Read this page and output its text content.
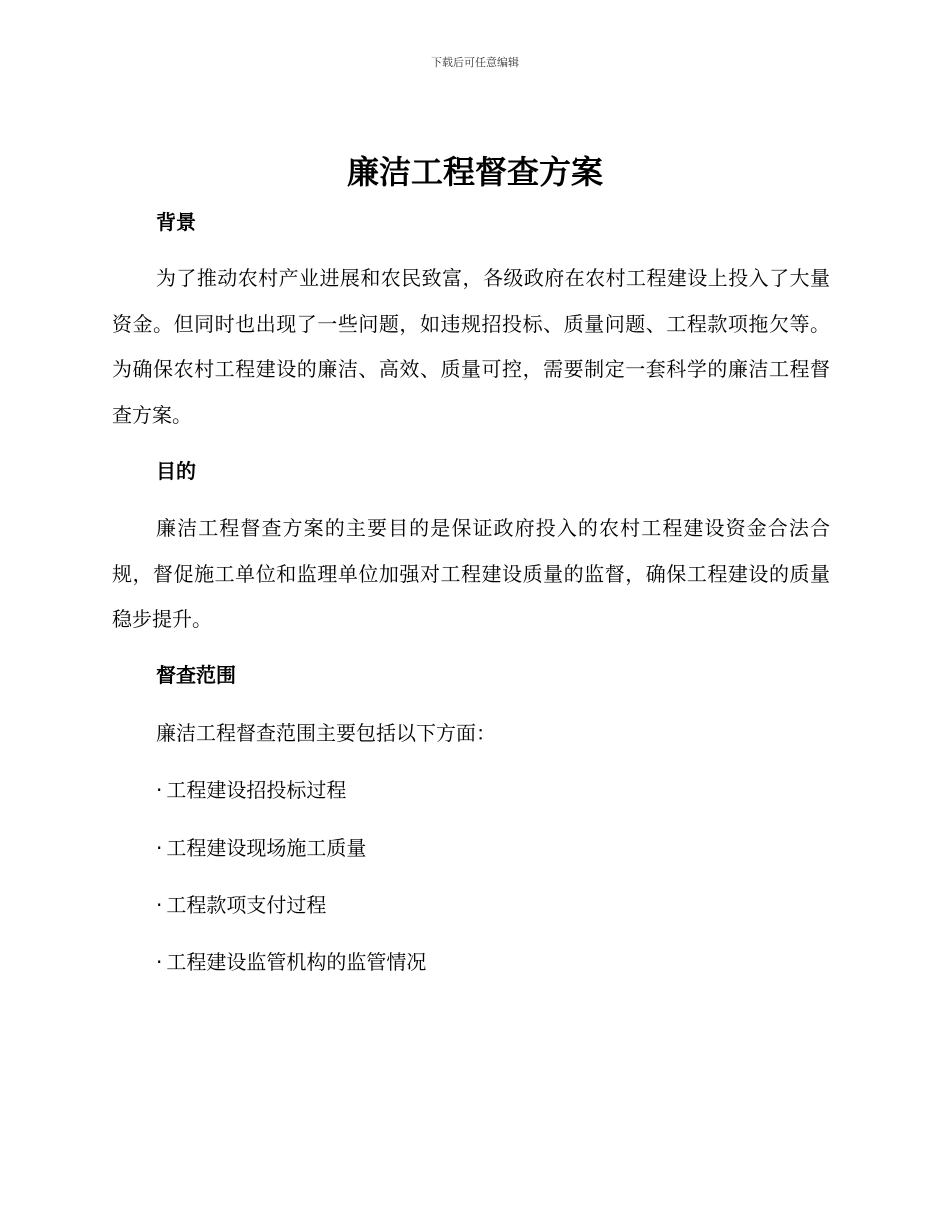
下载后可任意编辑
廉洁工程督查方案
背景

为了推动农村产业进展和农民致富，各级政府在农村工程建设上投入了大量资金。但同时也出现了一些问题，如违规招投标、质量问题、工程款项拖欠等。为确保农村工程建设的廉洁、高效、质量可控，需要制定一套科学的廉洁工程督查方案。

目的

廉洁工程督查方案的主要目的是保证政府投入的农村工程建设资金合法合规，督促施工单位和监理单位加强对工程建设质量的监督，确保工程建设的质量稳步提升。

督查范围

廉洁工程督查范围主要包括以下方面：

· 工程建设招投标过程

· 工程建设现场施工质量

· 工程款项支付过程

· 工程建设监管机构的监管情况
